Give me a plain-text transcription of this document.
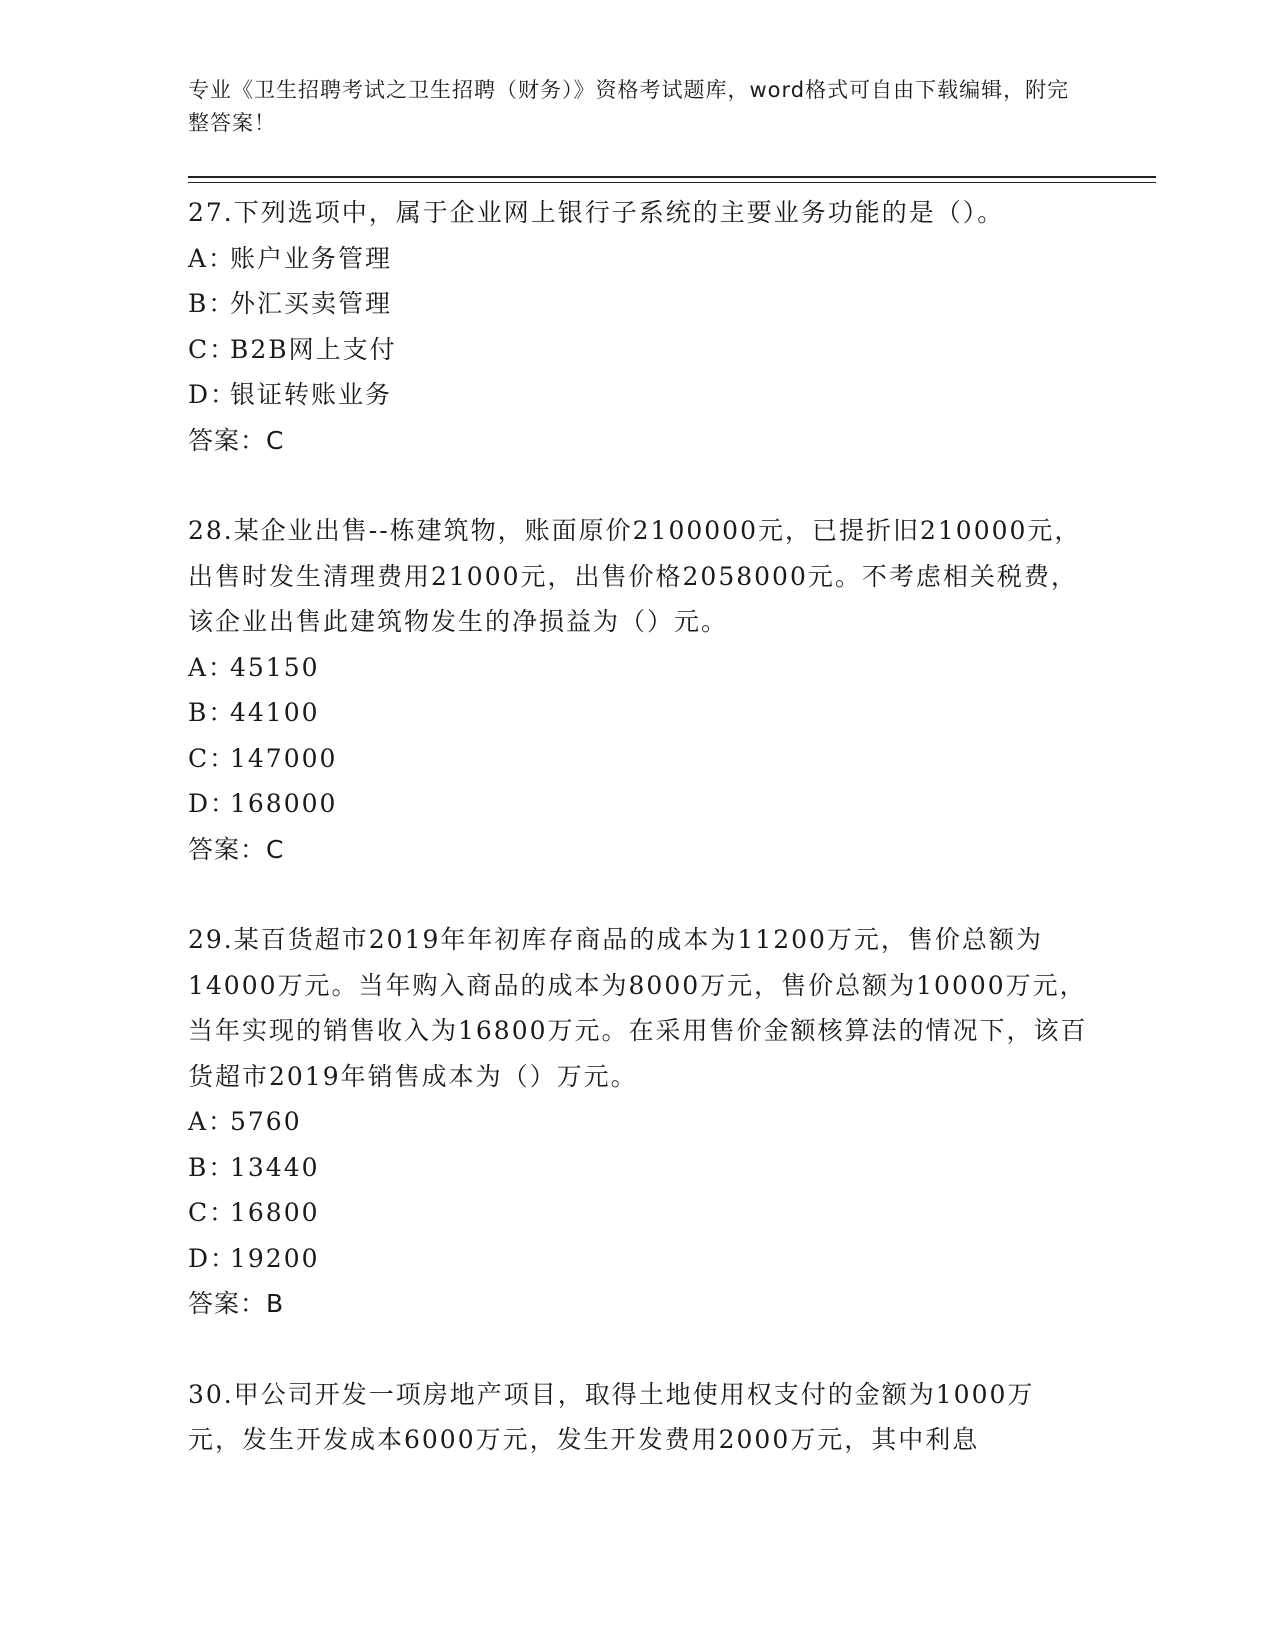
专业《卫生招聘考试之卫生招聘（财务）》资格考试题库，word格式可自由下载编辑，附完整答案！
27.下列选项中，属于企业网上银行子系统的主要业务功能的是（）。
A：账户业务管理
B：外汇买卖管理
C：B2B网上支付
D：银证转账业务
答案：C
28.某企业出售--栋建筑物，账面原价2100000元，已提折旧210000元，出售时发生清理费用21000元，出售价格2058000元。不考虑相关税费，该企业出售此建筑物发生的净损益为（）元。
A：45150
B：44100
C：147000
D：168000
答案：C
29.某百货超市2019年年初库存商品的成本为11200万元，售价总额为14000万元。当年购入商品的成本为8000万元，售价总额为10000万元，当年实现的销售收入为16800万元。在采用售价金额核算法的情况下，该百货超市2019年销售成本为（）万元。
A：5760
B：13440
C：16800
D：19200
答案：B
30.甲公司开发一项房地产项目，取得土地使用权支付的金额为1000万元，发生开发成本6000万元，发生开发费用2000万元，其中利息
